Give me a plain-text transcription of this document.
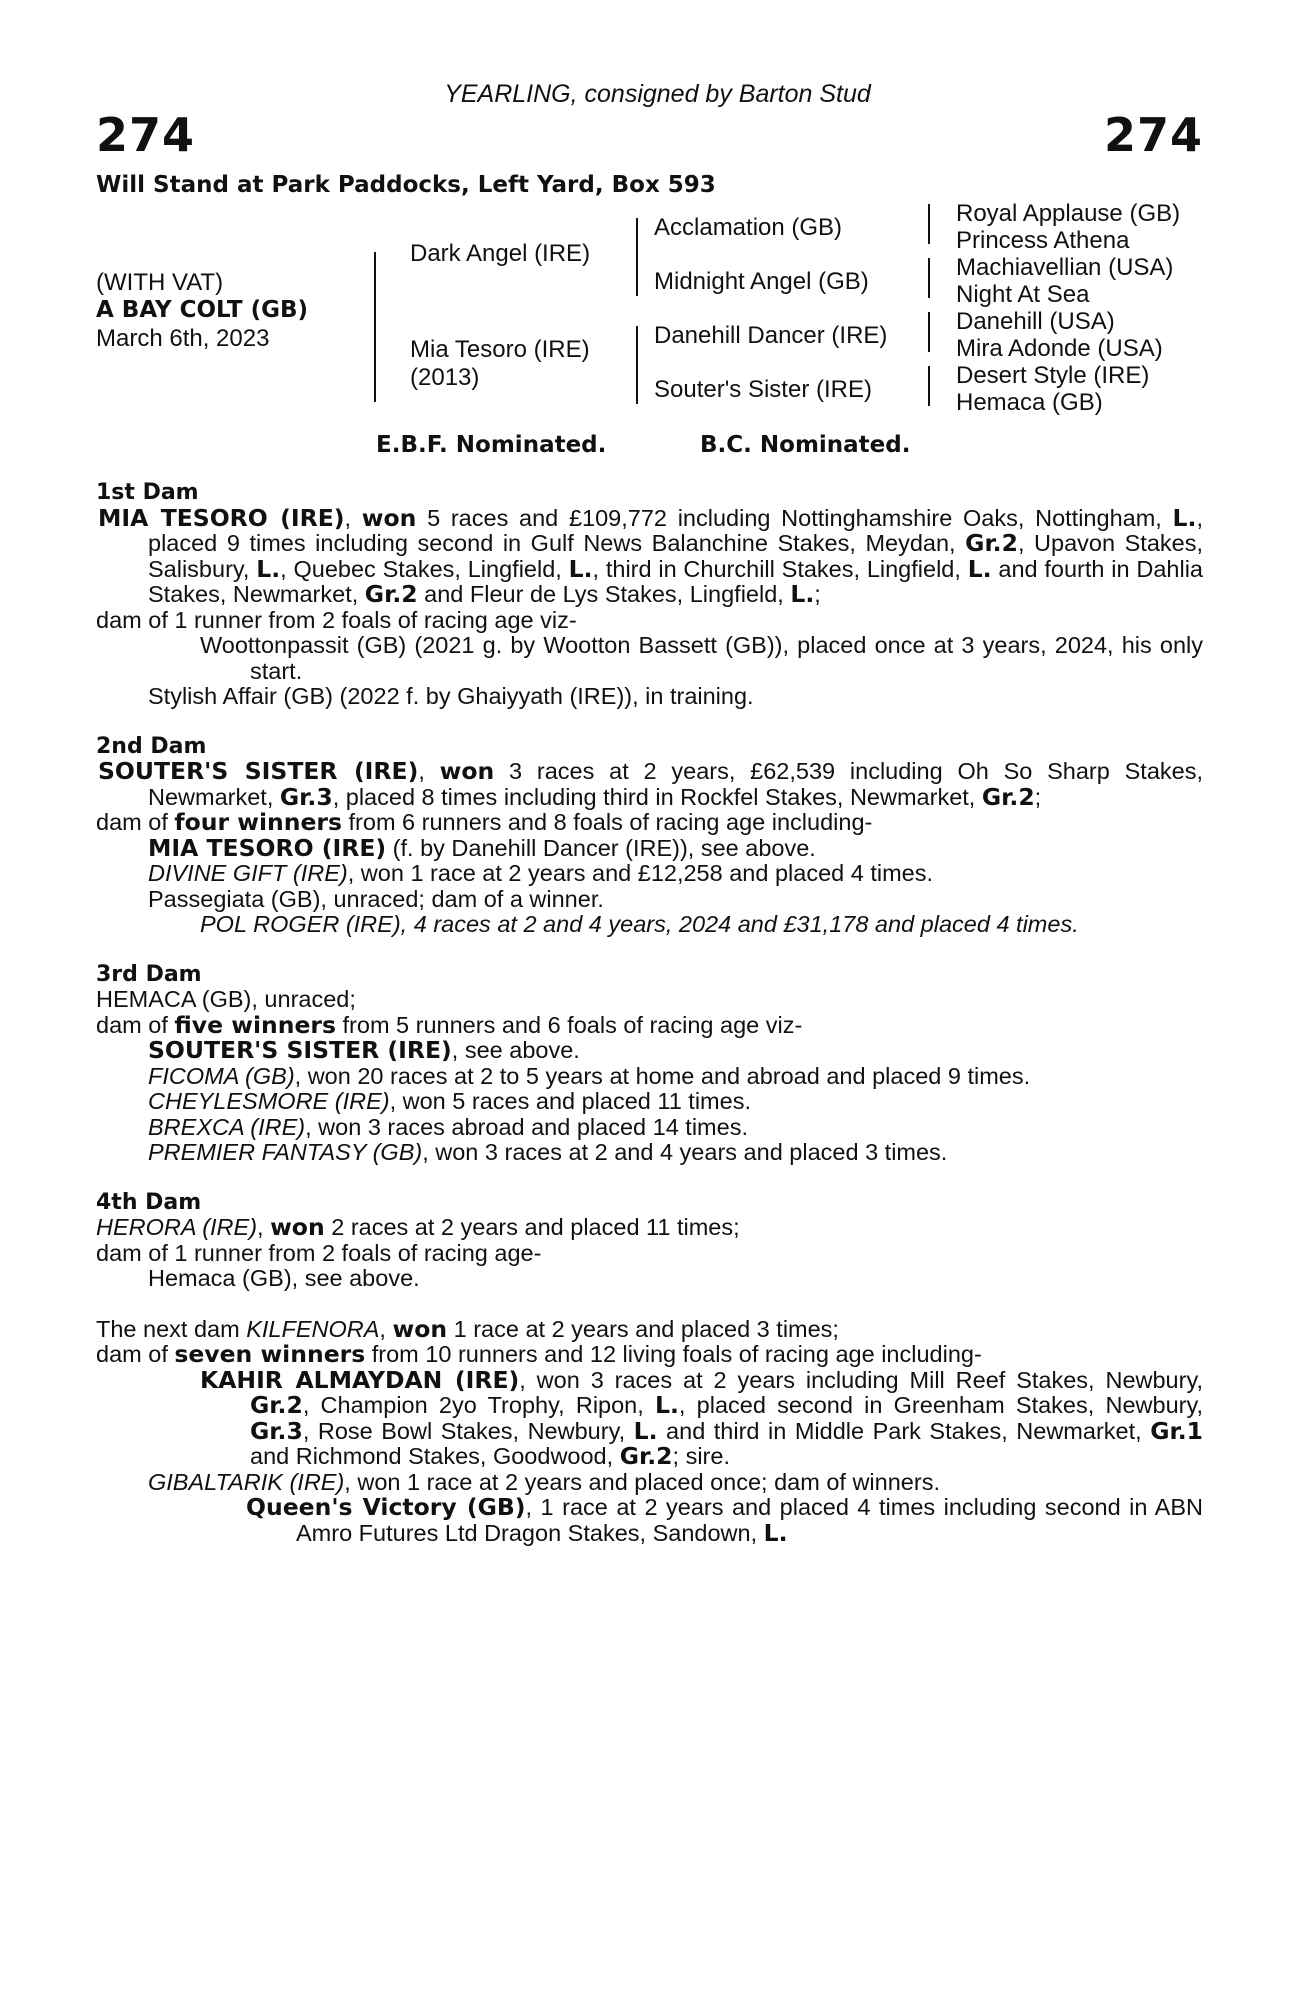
YEARLING, consigned by Barton Stud
274	274
Will Stand at Park Paddocks, Left Yard, Box 593
(WITH VAT)
A BAY COLT (GB)
March 6th, 2023
Dark Angel (IRE)
Mia Tesoro (IRE)
(2013)
Acclamation (GB)
Midnight Angel (GB)
Danehill Dancer (IRE)
Souter's Sister (IRE)
Royal Applause (GB)
Princess Athena
Machiavellian (USA)
Night At Sea
Danehill (USA)
Mira Adonde (USA)
Desert Style (IRE)
Hemaca (GB)
E.B.F. Nominated.	B.C. Nominated.
1st Dam
MIA TESORO (IRE), won 5 races and £109,772 including Nottinghamshire Oaks, Nottingham, L., placed 9 times including second in Gulf News Balanchine Stakes, Meydan, Gr.2, Upavon Stakes, Salisbury, L., Quebec Stakes, Lingfield, L., third in Churchill Stakes, Lingfield, L. and fourth in Dahlia Stakes, Newmarket, Gr.2 and Fleur de Lys Stakes, Lingfield, L.;
dam of 1 runner from 2 foals of racing age viz-
Woottonpassit (GB) (2021 g. by Wootton Bassett (GB)), placed once at 3 years, 2024, his only start.
Stylish Affair (GB) (2022 f. by Ghaiyyath (IRE)), in training.
2nd Dam
SOUTER'S SISTER (IRE), won 3 races at 2 years, £62,539 including Oh So Sharp Stakes, Newmarket, Gr.3, placed 8 times including third in Rockfel Stakes, Newmarket, Gr.2;
dam of four winners from 6 runners and 8 foals of racing age including-
MIA TESORO (IRE) (f. by Danehill Dancer (IRE)), see above.
DIVINE GIFT (IRE), won 1 race at 2 years and £12,258 and placed 4 times.
Passegiata (GB), unraced; dam of a winner.
POL ROGER (IRE), 4 races at 2 and 4 years, 2024 and £31,178 and placed 4 times.
3rd Dam
HEMACA (GB), unraced;
dam of five winners from 5 runners and 6 foals of racing age viz-
SOUTER'S SISTER (IRE), see above.
FICOMA (GB), won 20 races at 2 to 5 years at home and abroad and placed 9 times.
CHEYLESMORE (IRE), won 5 races and placed 11 times.
BREXCA (IRE), won 3 races abroad and placed 14 times.
PREMIER FANTASY (GB), won 3 races at 2 and 4 years and placed 3 times.
4th Dam
HERORA (IRE), won 2 races at 2 years and placed 11 times;
dam of 1 runner from 2 foals of racing age-
Hemaca (GB), see above.
The next dam KILFENORA, won 1 race at 2 years and placed 3 times;
dam of seven winners from 10 runners and 12 living foals of racing age including-
KAHIR ALMAYDAN (IRE), won 3 races at 2 years including Mill Reef Stakes, Newbury, Gr.2, Champion 2yo Trophy, Ripon, L., placed second in Greenham Stakes, Newbury, Gr.3, Rose Bowl Stakes, Newbury, L. and third in Middle Park Stakes, Newmarket, Gr.1 and Richmond Stakes, Goodwood, Gr.2; sire.
GIBALTARIK (IRE), won 1 race at 2 years and placed once; dam of winners.
Queen's Victory (GB), 1 race at 2 years and placed 4 times including second in ABN Amro Futures Ltd Dragon Stakes, Sandown, L.
